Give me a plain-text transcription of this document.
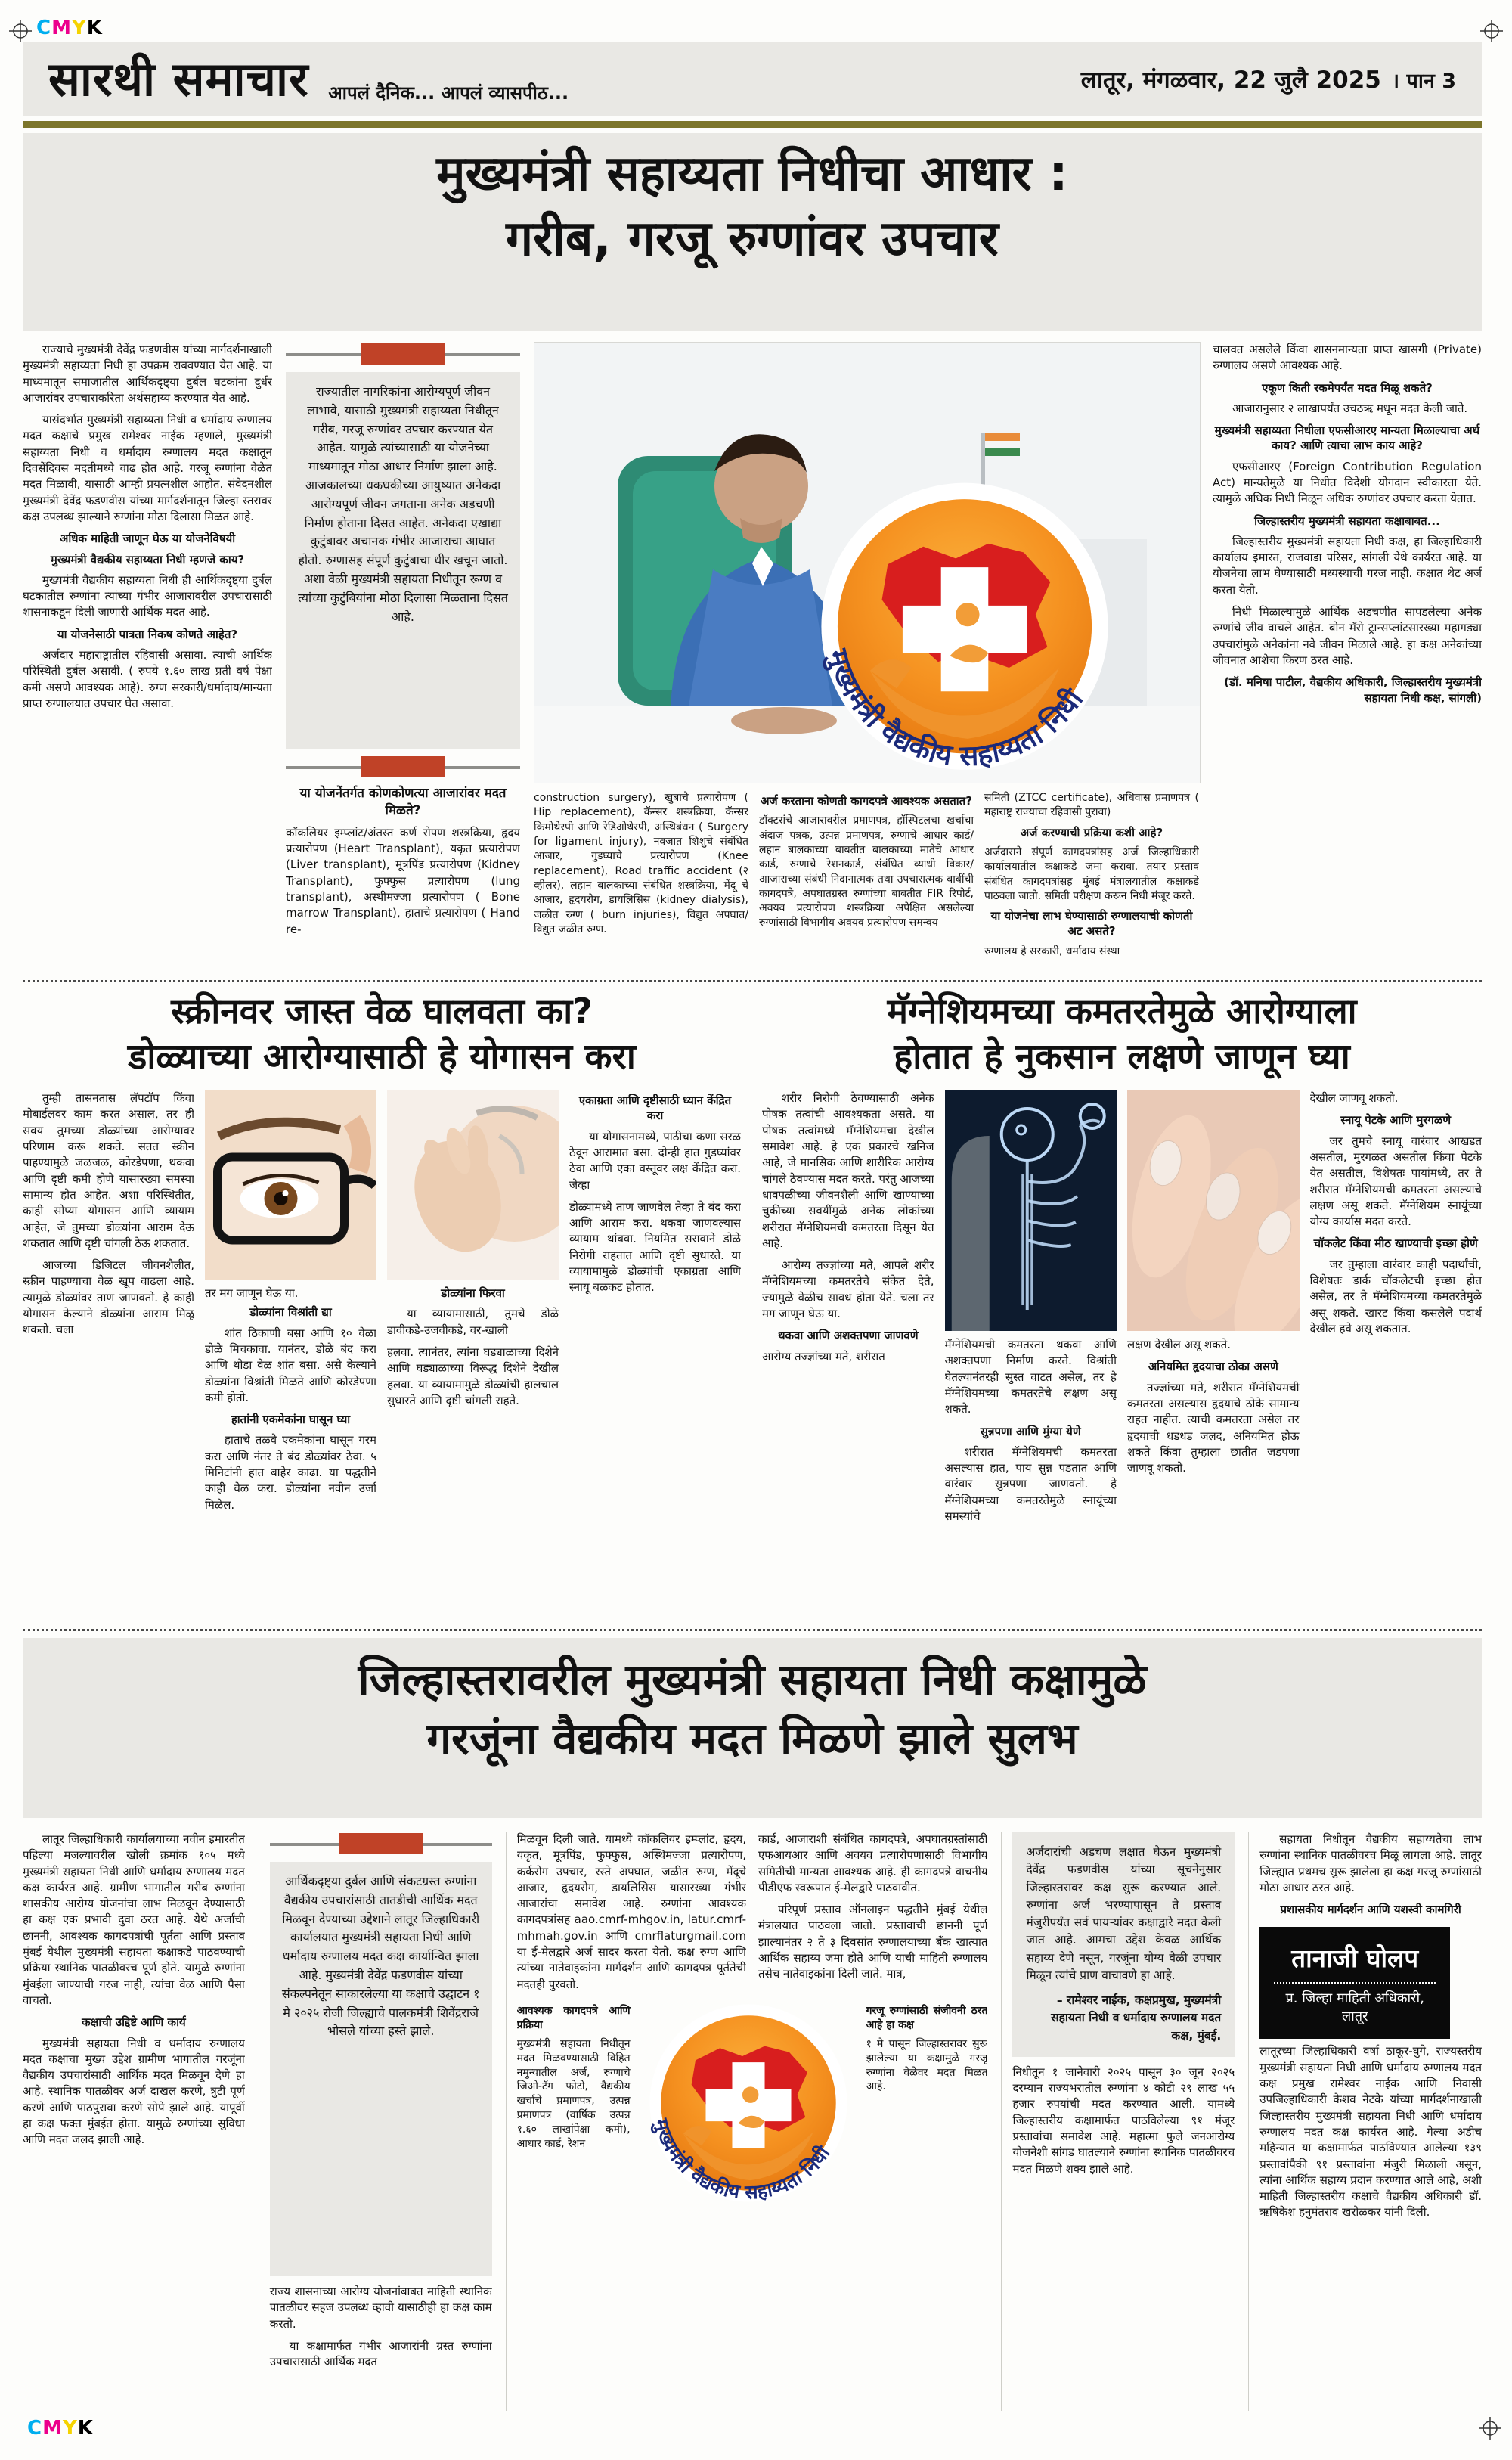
CMYK
सारथी समाचार आपलं दैनिक... आपलं व्यासपीठ...	लातूर, मंगळवार, 22 जुलै 2025 । पान 3
मुख्यमंत्री सहाय्यता निधीचा आधार :
गरीब, गरजू रुग्णांवर उपचार

राज्याचे मुख्यमंत्री देवेंद्र फडणवीस यांच्या मार्गदर्शनाखाली मुख्यमंत्री सहाय्यता निधी हा उपक्रम राबवण्यात येत आहे. या माध्यमातून समाजातील आर्थिकदृष्ट्या दुर्बल घटकांना दुर्धर आजारांवर उपचाराकरिता अर्थसहाय्य करण्यात येत आहे.

यासंदर्भात मुख्यमंत्री सहाय्यता निधी व धर्मादाय रुग्णालय मदत कक्षाचे प्रमुख रामेश्वर नाईक म्हणाले, मुख्यमंत्री सहाय्यता निधी व धर्मादाय रुग्णालय मदत कक्षातून दिवसेंदिवस मदतीमध्ये वाढ होत आहे. गरजू रुग्णांना वेळेत मदत मिळावी, यासाठी आम्ही प्रयत्नशील आहोत. संवेदनशील मुख्यमंत्री देवेंद्र फडणवीस यांच्या मार्गदर्शनातून जिल्हा स्तरावर कक्ष उपलब्ध झाल्याने रुग्णांना मोठा दिलासा मिळत आहे.

अधिक माहिती जाणून घेऊ या योजनेविषयी
मुख्यमंत्री वैद्यकीय सहाय्यता निधी म्हणजे काय?

मुख्यमंत्री वैद्यकीय सहाय्यता निधी ही आर्थिकदृष्ट्या दुर्बल घटकातील रुग्णांना त्यांच्या गंभीर आजारावरील उपचारासाठी शासनाकडून दिली जाणारी आर्थिक मदत आहे.

या योजनेसाठी पात्रता निकष कोणते आहेत?

अर्जदार महाराष्ट्रातील रहिवासी असावा. त्याची आर्थिक परिस्थिती दुर्बल असावी. ( रुपये १.६० लाख प्रती वर्ष पेक्षा कमी असणे आवश्यक आहे). रुग्ण सरकारी/धर्मादाय/मान्यता प्राप्त रुग्णालयात उपचार घेत असावा.

राज्यातील नागरिकांना आरोग्यपूर्ण जीवन लाभावे, यासाठी मुख्यमंत्री सहाय्यता निधीतून गरीब, गरजू रुग्णांवर उपचार करण्यात येत आहेत. यामुळे त्यांच्यासाठी या योजनेच्या माध्यमातून मोठा आधार निर्माण झाला आहे. आजकालच्या धकधकीच्या आयुष्यात अनेकदा आरोग्यपूर्ण जीवन जगताना अनेक अडचणी निर्माण होताना दिसत आहेत. अनेकदा एखाद्या कुटुंबावर अचानक गंभीर आजाराचा आघात होतो. रुग्णासह संपूर्ण कुटुंबाचा धीर खचून जातो. अशा वेळी मुख्यमंत्री सहायता निधीतून रूग्ण व त्यांच्या कुटुंबियांना मोठा दिलासा मिळताना दिसत आहे.
या योजनेंतर्गत कोणकोणत्या आजारांवर मदत मिळते?

कॉकलियर इम्प्लांट/अंतस्त कर्ण रोपण शस्त्रक्रिया, हृदय प्रत्यारोपण (Heart Transplant), यकृत प्रत्यारोपण (Liver transplant), मूत्रपिंड प्रत्यारोपण (Kidney Transplant), फुफ्फुस प्रत्यारोपण (lung transplant), अस्थीमज्जा प्रत्यारोपण ( Bone marrow Transplant), हाताचे प्रत्यारोपण ( Hand re-

construction surgery), खुबाचे प्रत्यारोपण ( Hip replacement), कॅन्सर शस्त्रक्रिया, कॅन्सर किमोथेरपी आणि रेडिओथेरपी, अस्थिबंधन ( Surgery for ligament injury), नवजात शिशुचे संबंधित आजार, गुडघ्याचे प्रत्यारोपण (Knee replacement), Road traffic accident (२ व्हीलर), लहान बालकाच्या संबंधित शस्त्रक्रिया, मेंदू चे आजार, हृदयरोग, डायलिसिस (kidney dialysis), जळीत रुग्ण ( burn injuries), विद्युत अपघात/ विद्युत जळीत रुग्ण.

अर्ज करताना कोणती कागदपत्रे आवश्यक असतात?

डॉक्टरांचे आजारावरील प्रमाणपत्र, हॉस्पिटलचा खर्चाचा अंदाज पत्रक, उत्पन्न प्रमाणपत्र, रुग्णाचे आधार कार्ड/ लहान बालकाच्या बाबतीत बालकाच्या मातेचे आधार कार्ड, रुग्णाचे रेशनकार्ड, संबंधित व्याधी विकार/ आजाराच्या संबंधी निदानात्मक तथा उपचारात्मक बाबींची कागदपत्रे, अपघातग्रस्त रुग्णांच्या बाबतीत FIR रिपोर्ट, अवयव प्रत्यारोपण शस्त्रक्रिया अपेक्षित असलेल्या रुग्णांसाठी विभागीय अवयव प्रत्यारोपण समन्वय

समिती (ZTCC certificate), अधिवास प्रमाणपत्र ( महाराष्ट्र राज्याचा रहिवासी पुरावा)

अर्ज करण्याची प्रक्रिया कशी आहे?

अर्जदाराने संपूर्ण कागदपत्रांसह अर्ज जिल्हाधिकारी कार्यालयातील कक्षाकडे जमा करावा. तयार प्रस्ताव संबंधित कागदपत्रांसह मुंबई मंत्रालयातील कक्षाकडे पाठवला जातो. समिती परीक्षण करून निधी मंजूर करते.

या योजनेचा लाभ घेण्यासाठी रुग्णालयाची कोणती अट असते?

रुग्णालय हे सरकारी, धर्मादाय संस्था

चालवत असलेले किंवा शासनमान्यता प्राप्त खासगी (Private) रुग्णालय असणे आवश्यक आहे.

एकूण किती रकमेपर्यंत मदत मिळू शकते?

आजारानुसार २ लाखापर्यंत उचठऋ मधून मदत केली जाते.

मुख्यमंत्री सहाय्यता निधीला एफसीआरए मान्यता मिळाल्याचा अर्थ काय? आणि त्याचा लाभ काय आहे?

एफसीआरए (Foreign Contribution Regulation Act) मान्यतेमुळे या निधीत विदेशी योगदान स्वीकारता येते. त्यामुळे अधिक निधी मिळून अधिक रुग्णांवर उपचार करता येतात.

जिल्हास्तरीय मुख्यमंत्री सहायता कक्षाबाबत...

जिल्हास्तरीय मुख्यमंत्री सहायता निधी कक्ष, हा जिल्हाधिकारी कार्यालय इमारत, राजवाडा परिसर, सांगली येथे कार्यरत आहे. या योजनेचा लाभ घेण्यासाठी मध्यस्थाची गरज नाही. कक्षात थेट अर्ज करता येतो.

निधी मिळाल्यामुळे आर्थिक अडचणीत सापडलेल्या अनेक रुग्णांचे जीव वाचले आहेत. बोन मॅरो ट्रान्सप्लांटसारख्या महागड्या उपचारांमुळे अनेकांना नवे जीवन मिळाले आहे. हा कक्ष अनेकांच्या जीवनात आशेचा किरण ठरत आहे.

(डॉ. मनिषा पाटील, वैद्यकीय अधिकारी, जिल्हास्तरीय मुख्यमंत्री सहायता निधी कक्ष, सांगली)
स्क्रीनवर जास्त वेळ घालवता का?
डोळ्याच्या आरोग्यासाठी हे योगासन करा

तुम्ही तासनतास लॅपटॉप किंवा मोबाईलवर काम करत असाल, तर ही सवय तुमच्या डोळ्यांच्या आरोग्यावर परिणाम करू शकते. सतत स्क्रीन पाहण्यामुळे जळजळ, कोरडेपणा, थकवा आणि दृष्टी कमी होणे यासारख्या समस्या सामान्य होत आहेत. अशा परिस्थितीत, काही सोप्या योगासन आणि व्यायाम आहेत, जे तुमच्या डोळ्यांना आराम देऊ शकतात आणि दृष्टी चांगली ठेऊ शकतात.

आजच्या डिजिटल जीवनशैलीत, स्क्रीन पाहण्याचा वेळ खूप वाढला आहे. त्यामुळे डोळ्यांवर ताण जाणवतो. हे काही योगासन केल्याने डोळ्यांना आराम मिळू शकतो. चला

तर मग जाणून घेऊ या.

डोळ्यांना विश्रांती द्या

शांत ठिकाणी बसा आणि १० वेळा डोळे मिचकावा. यानंतर, डोळे बंद करा आणि थोडा वेळ शांत बसा. असे केल्याने डोळ्यांना विश्रांती मिळते आणि कोरडेपणा कमी होतो.

हातांनी एकमेकांना घासून घ्या

हाताचे तळवे एकमेकांना घासून गरम करा आणि नंतर ते बंद डोळ्यांवर ठेवा. ५ मिनिटांनी हात बाहेर काढा. या पद्धतीने काही वेळ करा. डोळ्यांना नवीन उर्जा मिळेल.

डोळ्यांना फिरवा

या व्यायामासाठी, तुमचे डोळे डावीकडे-उजवीकडे, वर-खाली

हलवा. त्यानंतर, त्यांना घड्याळाच्या दिशेने आणि घड्याळाच्या विरूद्ध दिशेने देखील हलवा. या व्यायामामुळे डोळ्यांची हालचाल सुधारते आणि दृष्टी चांगली राहते.

एकाग्रता आणि दृष्टीसाठी ध्यान केंद्रित करा

या योगासनामध्ये, पाठीचा कणा सरळ ठेवून आरामात बसा. दोन्ही हात गुडघ्यांवर ठेवा आणि एका वस्तूवर लक्ष केंद्रित करा. जेव्हा

डोळ्यांमध्ये ताण जाणवेल तेव्हा ते बंद करा आणि आराम करा. थकवा जाणवल्यास व्यायाम थांबवा. नियमित सरावाने डोळे निरोगी राहतात आणि दृष्टी सुधारते. या व्यायामामुळे डोळ्यांची एकाग्रता आणि स्नायू बळकट होतात.

मॅग्नेशियमच्या कमतरतेमुळे आरोग्याला
होतात हे नुकसान लक्षणे जाणून घ्या

शरीर निरोगी ठेवण्यासाठी अनेक पोषक तत्वांची आवश्यकता असते. या पोषक तत्वांमध्ये मॅग्नेशियमचा देखील समावेश आहे. हे एक प्रकारचे खनिज आहे, जे मानसिक आणि शारीरिक आरोग्य चांगले ठेवण्यास मदत करते. परंतु आजच्या धावपळीच्या जीवनशैली आणि खाण्याच्या चुकीच्या सवयींमुळे अनेक लोकांच्या शरीरात मॅग्नेशियमची कमतरता दिसून येत आहे.

आरोग्य तज्ज्ञांच्या मते, आपले शरीर मॅग्नेशियमच्या कमतरतेचे संकेत देते, ज्यामुळे वेळीच सावध होता येते. चला तर मग जाणून घेऊ या.

थकवा आणि अशक्तपणा जाणवणे

आरोग्य तज्ज्ञांच्या मते, शरीरात

मॅग्नेशियमची कमतरता थकवा आणि अशक्तपणा निर्माण करते. विश्रांती घेतल्यानंतरही सुस्त वाटत असेल, तर हे मॅग्नेशियमच्या कमतरतेचे लक्षण असू शकते.

सुन्नपणा आणि मुंग्या येणे

शरीरात मॅग्नेशियमची कमतरता असल्यास हात, पाय सुन्न पडतात आणि वारंवार सुन्नपणा जाणवतो. हे मॅग्नेशियमच्या कमतरतेमुळे स्नायूंच्या समस्यांचे

लक्षण देखील असू शकते.

अनियमित हृदयाचा ठोका असणे

तज्ज्ञांच्या मते, शरीरात मॅग्नेशियमची कमतरता असल्यास हृदयाचे ठोके सामान्य राहत नाहीत. त्याची कमतरता असेल तर हृदयाची धडधड जलद, अनियमित होऊ शकते किंवा तुम्हाला छातीत जडपणा जाणवू शकतो.

देखील जाणवू शकतो.

स्नायू पेटके आणि मुरगळणे

जर तुमचे स्नायू वारंवार आखडत असतील, मुरगळत असतील किंवा पेटके येत असतील, विशेषतः पायांमध्ये, तर ते शरीरात मॅग्नेशियमची कमतरता असल्याचे लक्षण असू शकते. मॅग्नेशियम स्नायूंच्या योग्य कार्यास मदत करते.

चॉकलेट किंवा मीठ खाण्याची इच्छा होणे

जर तुम्हाला वारंवार काही पदार्थांची, विशेषतः डार्क चॉकलेटची इच्छा होत असेल, तर ते मॅग्नेशियमच्या कमतरतेमुळे असू शकते. खारट किंवा कसलेले पदार्थ देखील हवे असू शकतात.

जिल्हास्तरावरील मुख्यमंत्री सहायता निधी कक्षामुळे
गरजूंना वैद्यकीय मदत मिळणे झाले सुलभ

लातूर जिल्हाधिकारी कार्यालयाच्या नवीन इमारतीत पहिल्या मजल्यावरील खोली क्रमांक १०५ मध्ये मुख्यमंत्री सहायता निधी आणि धर्मादाय रुग्णालय मदत कक्ष कार्यरत आहे. ग्रामीण भागातील गरीब रुग्णांना शासकीय आरोग्य योजनांचा लाभ मिळवून देण्यासाठी हा कक्ष एक प्रभावी दुवा ठरत आहे. येथे अर्जांची छाननी, आवश्यक कागदपत्रांची पूर्तता आणि प्रस्ताव मुंबई येथील मुख्यमंत्री सहायता कक्षाकडे पाठवण्याची प्रक्रिया स्थानिक पातळीवरच पूर्ण होते. यामुळे रुग्णांना मुंबईला जाण्याची गरज नाही, त्यांचा वेळ आणि पैसा वाचतो.

कक्षाची उद्दिष्टे आणि कार्य

मुख्यमंत्री सहायता निधी व धर्मादाय रुग्णालय मदत कक्षाचा मुख्य उद्देश ग्रामीण भागातील गरजूंना वैद्यकीय उपचारांसाठी आर्थिक मदत मिळवून देणे हा आहे. स्थानिक पातळीवर अर्ज दाखल करणे, त्रुटी पूर्ण करणे आणि पाठपुरावा करणे सोपे झाले आहे. यापूर्वी हा कक्ष फक्त मुंबईत होता. यामुळे रुग्णांच्या सुविधा आणि मदत जलद झाली आहे.

आर्थिकदृष्ट्या दुर्बल आणि संकटग्रस्त रुग्णांना वैद्यकीय उपचारांसाठी तातडीची आर्थिक मदत मिळवून देण्याच्या उद्देशाने लातूर जिल्हाधिकारी कार्यालयात मुख्यमंत्री सहायता निधी आणि धर्मादाय रुग्णालय मदत कक्ष कार्यान्वित झाला आहे. मुख्यमंत्री देवेंद्र फडणवीस यांच्या संकल्पनेतून साकारलेल्या या कक्षाचे उद्घाटन १ मे २०२५ रोजी जिल्ह्याचे पालकमंत्री शिवेंद्रराजे भोसले यांच्या हस्ते झाले.

राज्य शासनाच्या आरोग्य योजनांबाबत माहिती स्थानिक पातळीवर सहज उपलब्ध व्हावी यासाठीही हा कक्ष काम करतो.

या कक्षामार्फत गंभीर आजारांनी ग्रस्त रुग्णांना उपचारासाठी आर्थिक मदत

मिळवून दिली जाते. यामध्ये कॉकलियर इम्प्लांट, हृदय, यकृत, मूत्रपिंड, फुफ्फुस, अस्थिमज्जा प्रत्यारोपण, कर्करोग उपचार, रस्ते अपघात, जळीत रुग्ण, मेंदूचे आजार, हृदयरोग, डायलिसिस यासारख्या गंभीर आजारांचा समावेश आहे. रुग्णांना आवश्यक कागदपत्रांसह aao.cmrf-mhgov.in, latur.cmrf-mhmah.gov.in आणि cmrflaturgmail.com या ई-मेलद्वारे अर्ज सादर करता येतो. कक्ष रुग्ण आणि त्यांच्या नातेवाइकांना मार्गदर्शन आणि कागदपत्र पूर्ततेची मदतही पुरवतो.

कार्ड, आजाराशी संबंधित कागदपत्रे, अपघातग्रस्तांसाठी एफआयआर आणि अवयव प्रत्यारोपणासाठी विभागीय समितीची मान्यता आवश्यक आहे. ही कागदपत्रे वाचनीय पीडीएफ स्वरूपात ई-मेलद्वारे पाठवावीत.

परिपूर्ण प्रस्ताव ऑनलाइन पद्धतीने मुंबई येथील मंत्रालयात पाठवला जातो. प्रस्तावाची छाननी पूर्ण झाल्यानंतर २ ते ३ दिवसांत रुग्णालयाच्या बँक खात्यात आर्थिक सहाय्य जमा होते आणि याची माहिती रुग्णालय तसेच नातेवाइकांना दिली जाते. मात्र,

आवश्यक कागदपत्रे आणि प्रक्रिया
मुख्यमंत्री सहायता निधीतून मदत मिळवण्यासाठी विहित नमुन्यातील अर्ज, रुग्णाचे जिओ-टॅग फोटो, वैद्यकीय खर्चाचे प्रमाणपत्र, उत्पन्न प्रमाणपत्र (वार्षिक उत्पन्न १.६० लाखांपेक्षा कमी), आधार कार्ड, रेशन
गरजू रुग्णांसाठी संजीवनी ठरत आहे हा कक्ष
१ मे पासून जिल्हास्तरावर सुरू झालेल्या या कक्षामुळे गरजू रुग्णांना वेळेवर मदत मिळत आहे.
अर्जदारांची अडचण लक्षात घेऊन मुख्यमंत्री देवेंद्र फडणवीस यांच्या सूचनेनुसार जिल्हास्तरावर कक्ष सुरू करण्यात आले. रुग्णांना अर्ज भरण्यापासून ते प्रस्ताव मंजुरीपर्यंत सर्व पायऱ्यांवर कक्षाद्वारे मदत केली जात आहे. आमचा उद्देश केवळ आर्थिक सहाय्य देणे नसून, गरजूंना योग्य वेळी उपचार मिळून त्यांचे प्राण वाचावणे हा आहे.
– रामेश्वर नाईक, कक्षप्रमुख, मु‍ख्यमंत्री सहायता निधी व धर्मादाय रुग्णालय मदत कक्ष, मुंबई.

निधीतून १ जानेवारी २०२५ पासून ३० जून २०२५ दरम्यान राज्यभरातील रुग्णांना ४ कोटी २९ लाख ५५ हजार रुपयांची मदत करण्यात आली. यामध्ये जिल्हास्तरीय कक्षामार्फत पाठविलेल्या ९१ मंजूर प्रस्तावांचा समावेश आहे. महात्मा फुले जनआरोग्य योजनेशी सांगड घातल्याने रुग्णांना स्थानिक पातळीवरच मदत मिळणे शक्य झाले आहे.

सहायता निधीतून वैद्यकीय सहाय्यतेचा लाभ रुग्णांना स्थानिक पातळीवरच मिळू लागला आहे. लातूर जिल्ह्यात प्रथमच सुरू झालेला हा कक्ष गरजू रुग्णांसाठी मोठा आधार ठरत आहे.

प्रशासकीय मार्गदर्शन आणि यशस्वी कामगिरी
तानाजी घोलप
प्र. जिल्हा माहिती अधिकारी,
लातूर

लातूरच्या जिल्हाधिकारी वर्षा ठाकूर-घुगे, राज्यस्तरीय मुख्यमंत्री सहायता निधी आणि धर्मादाय रुग्णालय मदत कक्ष प्रमुख रामेश्वर नाईक आणि निवासी उपजिल्हाधिकारी केशव नेटके यांच्या मार्गदर्शनाखाली जिल्हास्तरीय मुख्यमंत्री सहायता निधी आणि धर्मादाय रुग्णालय मदत कक्ष कार्यरत आहे. गेल्या अडीच महिन्यात या कक्षामार्फत पाठविण्यात आलेल्या १३९ प्रस्तावांपैकी ९१ प्रस्तावांना मंजुरी मिळाली असून, त्यांना आर्थिक सहाय्य प्रदान करण्यात आले आहे, अशी माहिती जिल्हास्तरीय कक्षाचे वैद्यकीय अधिकारी डॉ. ऋषिकेश हनुमंतराव खरोळकर यांनी दिली.

CMYK
